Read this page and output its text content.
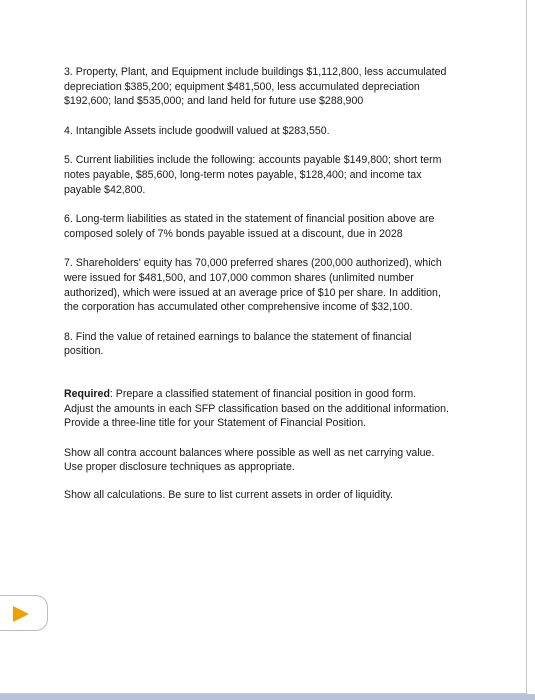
3. Property, Plant, and Equipment include buildings $1,112,800, less accumulated
depreciation $385,200; equipment $481,500, less accumulated depreciation
$192,600; land $535,000; and land held for future use $288,900

4. Intangible Assets include goodwill valued at $283,550.

5. Current liabilities include the following: accounts payable $149,800; short term
notes payable, $85,600, long-term notes payable, $128,400; and income tax
payable $42,800.

6. Long-term liabilities as stated in the statement of financial position above are
composed solely of 7% bonds payable issued at a discount, due in 2028

7. Shareholders' equity has 70,000 preferred shares (200,000 authorized), which
were issued for $481,500, and 107,000 common shares (unlimited number
authorized), which were issued at an average price of $10 per share. In addition,
the corporation has accumulated other comprehensive income of $32,100.

8. Find the value of retained earnings to balance the statement of financial
position.

Required: Prepare a classified statement of financial position in good form.
Adjust the amounts in each SFP classification based on the additional information.
Provide a three-line title for your Statement of Financial Position.

Show all contra account balances where possible as well as net carrying value.
Use proper disclosure techniques as appropriate.

Show all calculations. Be sure to list current assets in order of liquidity.
